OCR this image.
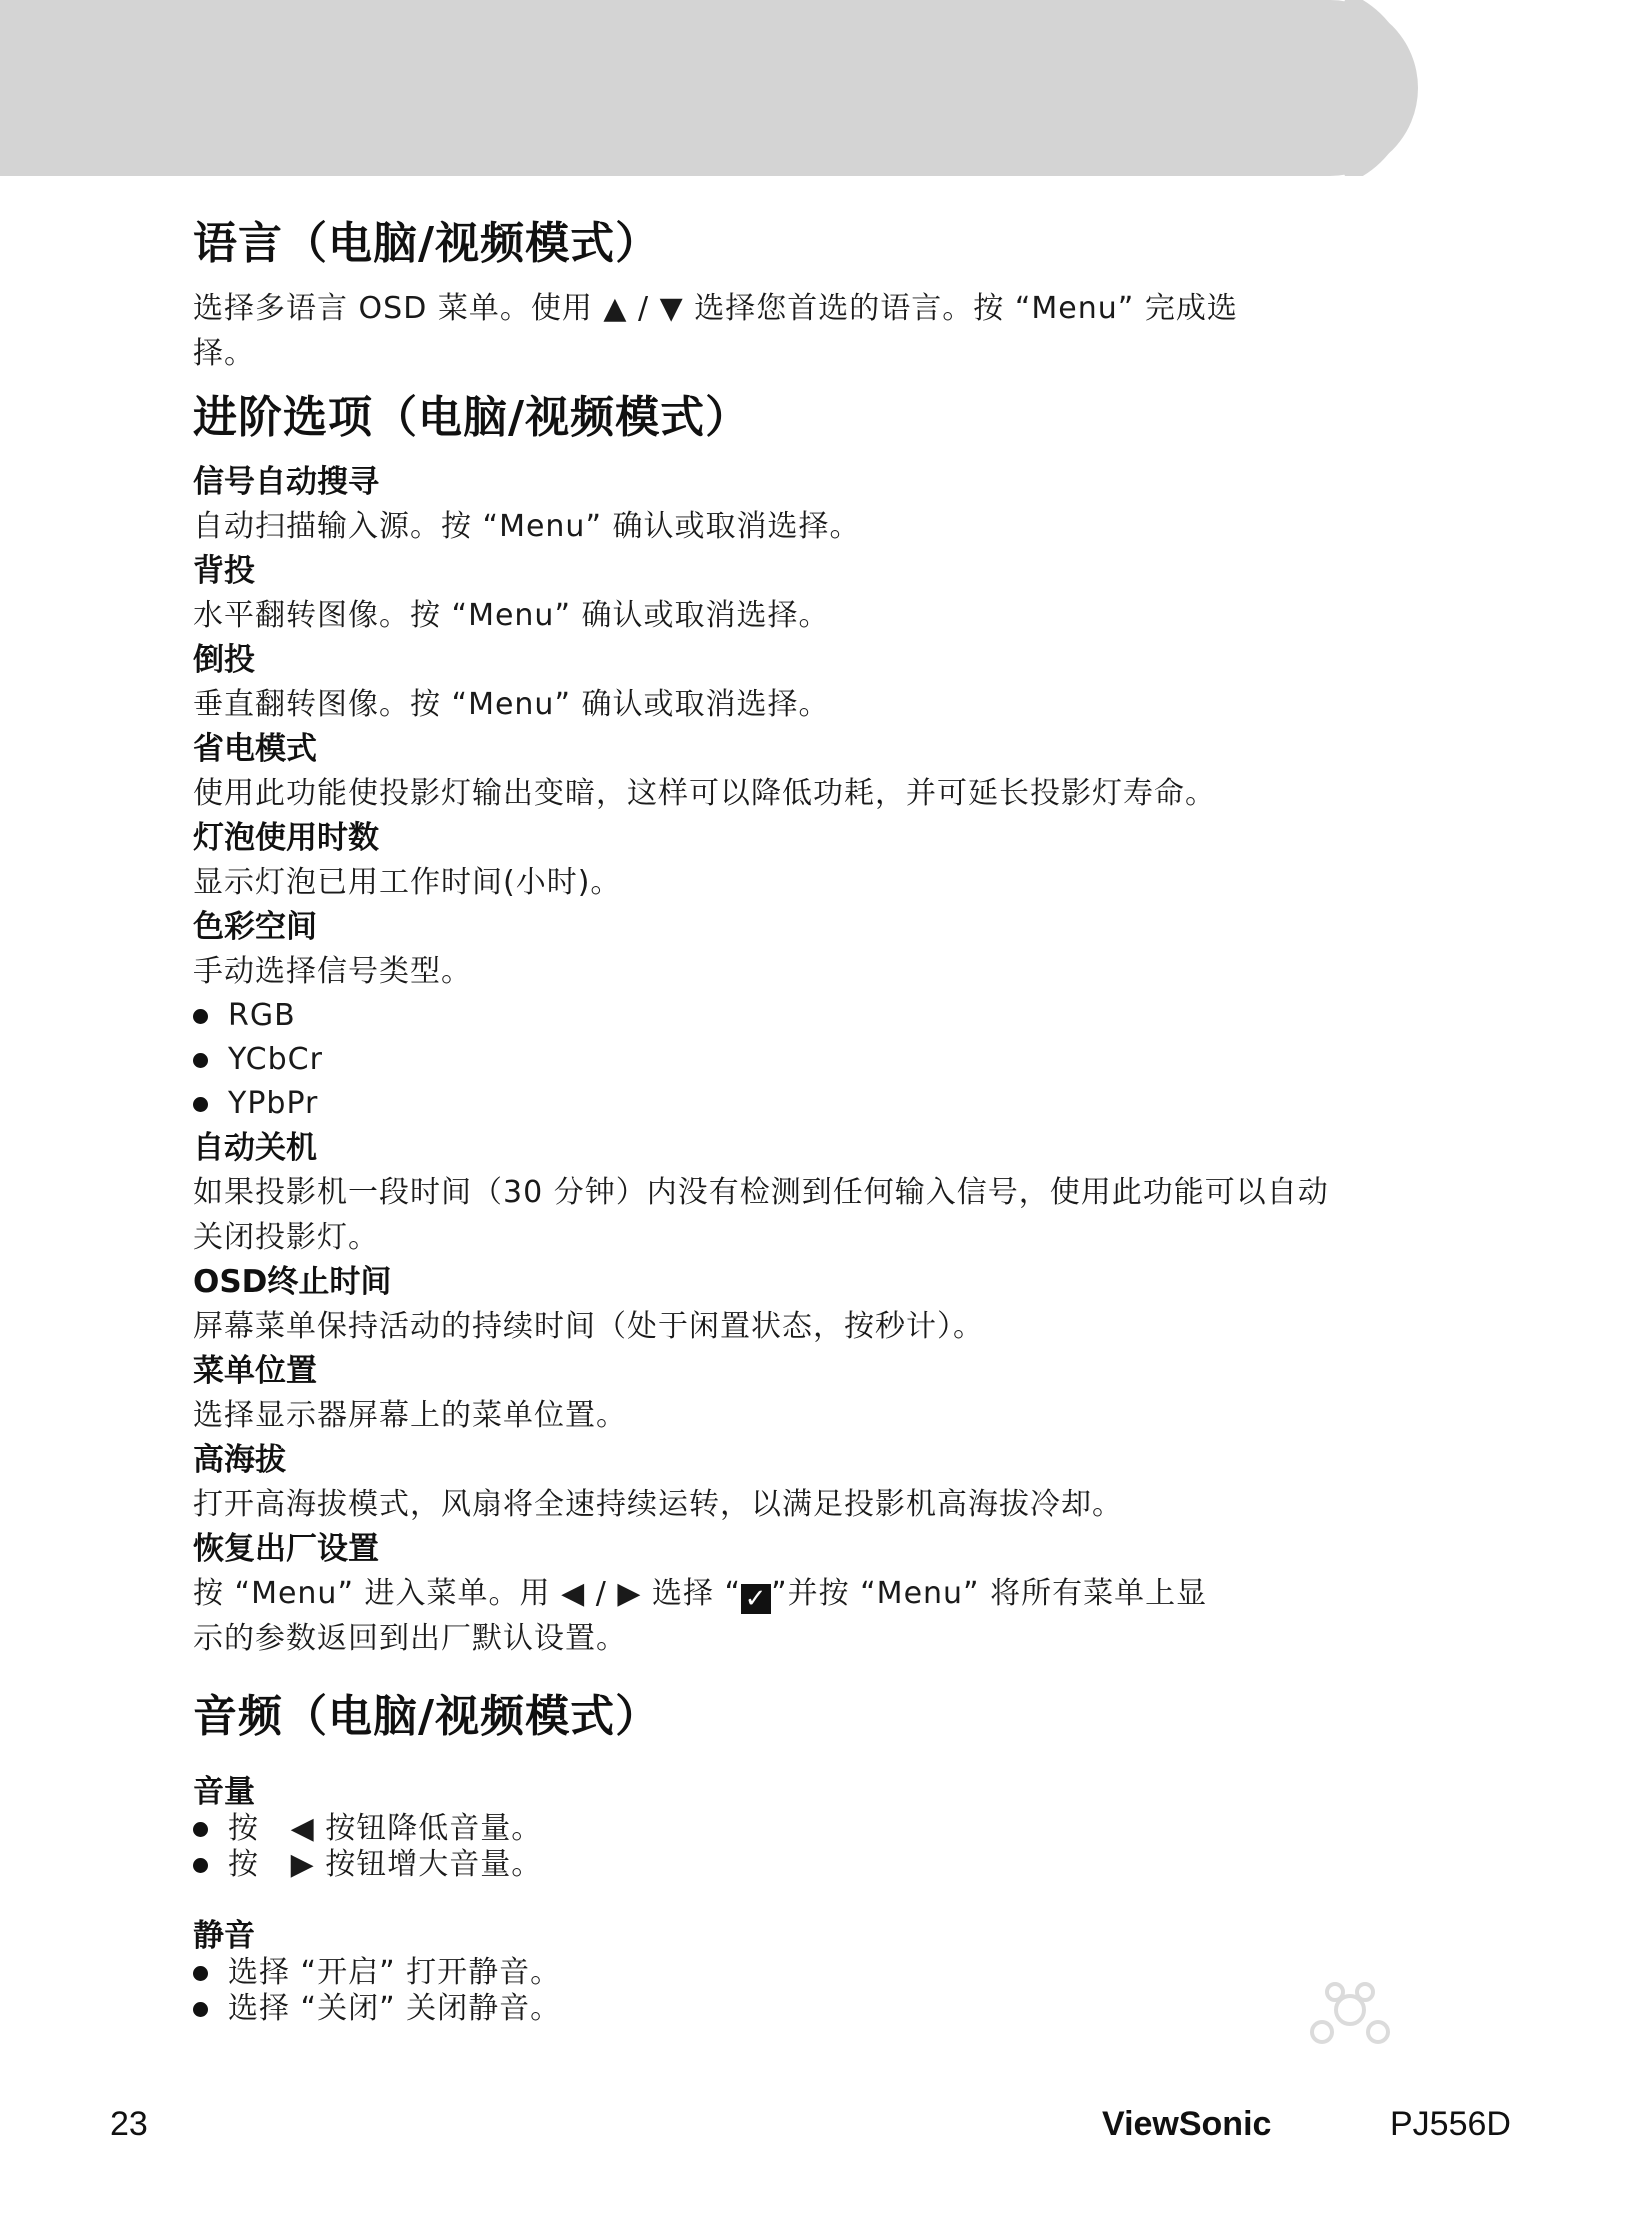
语言（电脑/视频模式）

选择多语言 OSD 菜单。使用 ▲ / ▼ 选择您首选的语言。按 “Menu” 完成选

择。

进阶选项（电脑/视频模式）

信号自动搜寻

自动扫描输入源。按 “Menu” 确认或取消选择。

背投

水平翻转图像。按 “Menu” 确认或取消选择。

倒投

垂直翻转图像。按 “Menu” 确认或取消选择。

省电模式

使用此功能使投影灯输出变暗，这样可以降低功耗，并可延长投影灯寿命。

灯泡使用时数

显示灯泡已用工作时间(小时)。

色彩空间

手动选择信号类型。

RGB
YCbCr
YPbPr

自动关机

如果投影机一段时间（30 分钟）内没有检测到任何输入信号，使用此功能可以自动

关闭投影灯。

OSD终止时间

屏幕菜单保持活动的持续时间（处于闲置状态，按秒计）。

菜单位置

选择显示器屏幕上的菜单位置。

高海拔

打开高海拔模式，风扇将全速持续运转，以满足投影机高海拔冷却。

恢复出厂设置

按 “Menu” 进入菜单。用 ◀ / ▶ 选择 “ ✓ ”并按 “Menu” 将所有菜单上显

示的参数返回到出厂默认设置。

音频（电脑/视频模式）

音量

按
◀
按钮降低音量。
按
▶
按钮增大音量。

静音

选择 “开启” 打开静音。
选择 “关闭” 关闭静音。
23	ViewSonic	PJ556D
